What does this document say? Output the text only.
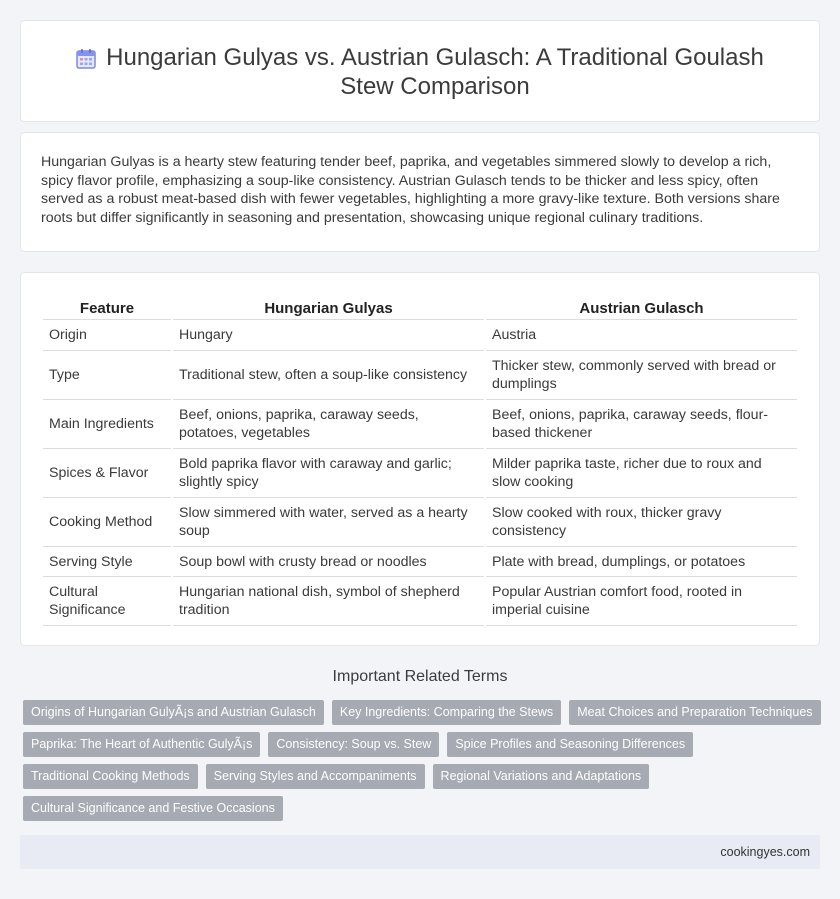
Hungarian Gulyas vs. Austrian Gulasch: A Traditional Goulash Stew Comparison

Hungarian Gulyas is a hearty stew featuring tender beef, paprika, and vegetables simmered slowly to develop a rich, spicy flavor profile, emphasizing a soup-like consistency. Austrian Gulasch tends to be thicker and less spicy, often served as a robust meat-based dish with fewer vegetables, highlighting a more gravy-like texture. Both versions share roots but differ significantly in seasoning and presentation, showcasing unique regional culinary traditions.

Feature	Hungarian Gulyas	Austrian Gulasch
Origin	Hungary	Austria
Type	Traditional stew, often a soup-like consistency	Thicker stew, commonly served with bread or dumplings
Main Ingredients	Beef, onions, paprika, caraway seeds, potatoes, vegetables	Beef, onions, paprika, caraway seeds, flour-based thickener
Spices & Flavor	Bold paprika flavor with caraway and garlic; slightly spicy	Milder paprika taste, richer due to roux and slow cooking
Cooking Method	Slow simmered with water, served as a hearty soup	Slow cooked with roux, thicker gravy consistency
Serving Style	Soup bowl with crusty bread or noodles	Plate with bread, dumplings, or potatoes
Cultural Significance	Hungarian national dish, symbol of shepherd tradition	Popular Austrian comfort food, rooted in imperial cuisine
Important Related Terms
Origins of Hungarian GulyÃ¡s and Austrian Gulasch	Key Ingredients: Comparing the Stews	Meat Choices and Preparation Techniques
Paprika: The Heart of Authentic GulyÃ¡s	Consistency: Soup vs. Stew	Spice Profiles and Seasoning Differences
Traditional Cooking Methods	Serving Styles and Accompaniments	Regional Variations and Adaptations
Cultural Significance and Festive Occasions
cookingyes.com
